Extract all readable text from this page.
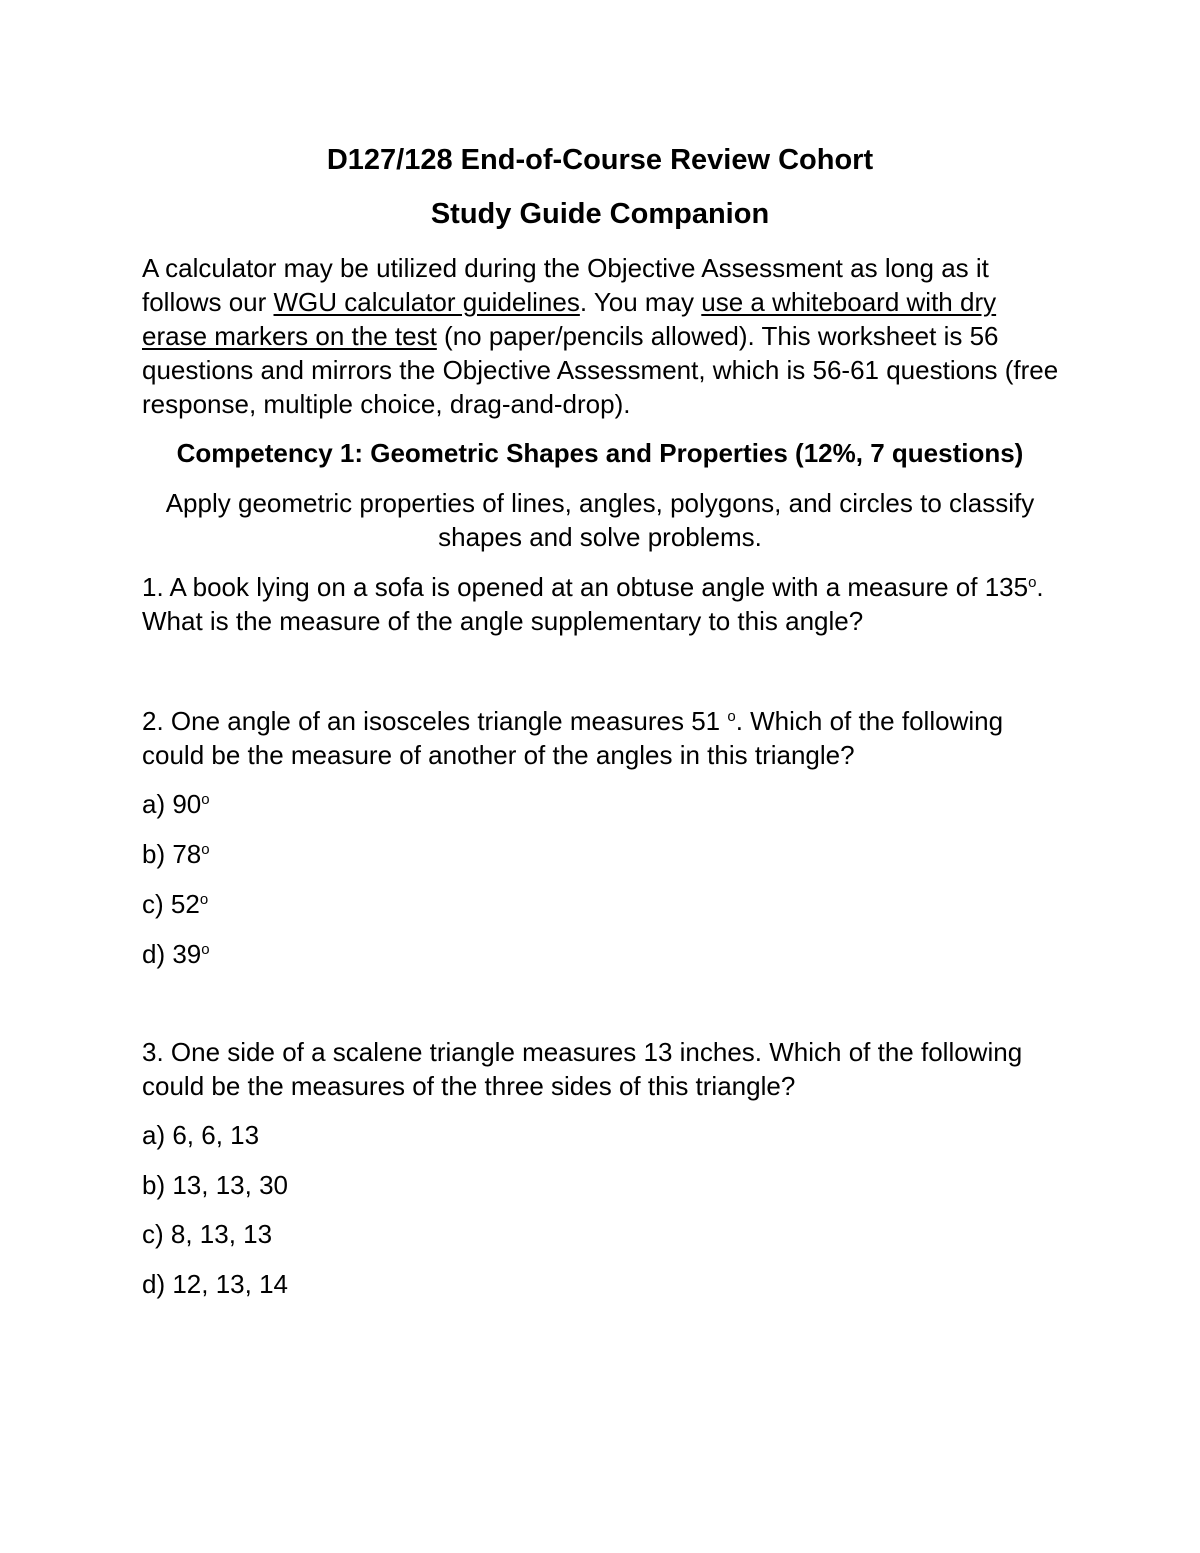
D127/128 End-of-Course Review Cohort
Study Guide Companion
A calculator may be utilized during the Objective Assessment as long as it follows our WGU calculator guidelines. You may use a whiteboard with dry erase markers on the test (no paper/pencils allowed). This worksheet is 56 questions and mirrors the Objective Assessment, which is 56-61 questions (free response, multiple choice, drag-and-drop).
Competency 1: Geometric Shapes and Properties (12%, 7 questions)
Apply geometric properties of lines, angles, polygons, and circles to classify shapes and solve problems.
1. A book lying on a sofa is opened at an obtuse angle with a measure of 135$^o$. What is the measure of the angle supplementary to this angle?
2. One angle of an isosceles triangle measures 51 $^o$. Which of the following could be the measure of another of the angles in this triangle?
a) 90$^o$
b) 78$^o$
c) 52$^o$
d) 39$^o$
3. One side of a scalene triangle measures 13 inches. Which of the following could be the measures of the three sides of this triangle?
a) 6, 6, 13
b) 13, 13, 30
c) 8, 13, 13
d) 12, 13, 14
